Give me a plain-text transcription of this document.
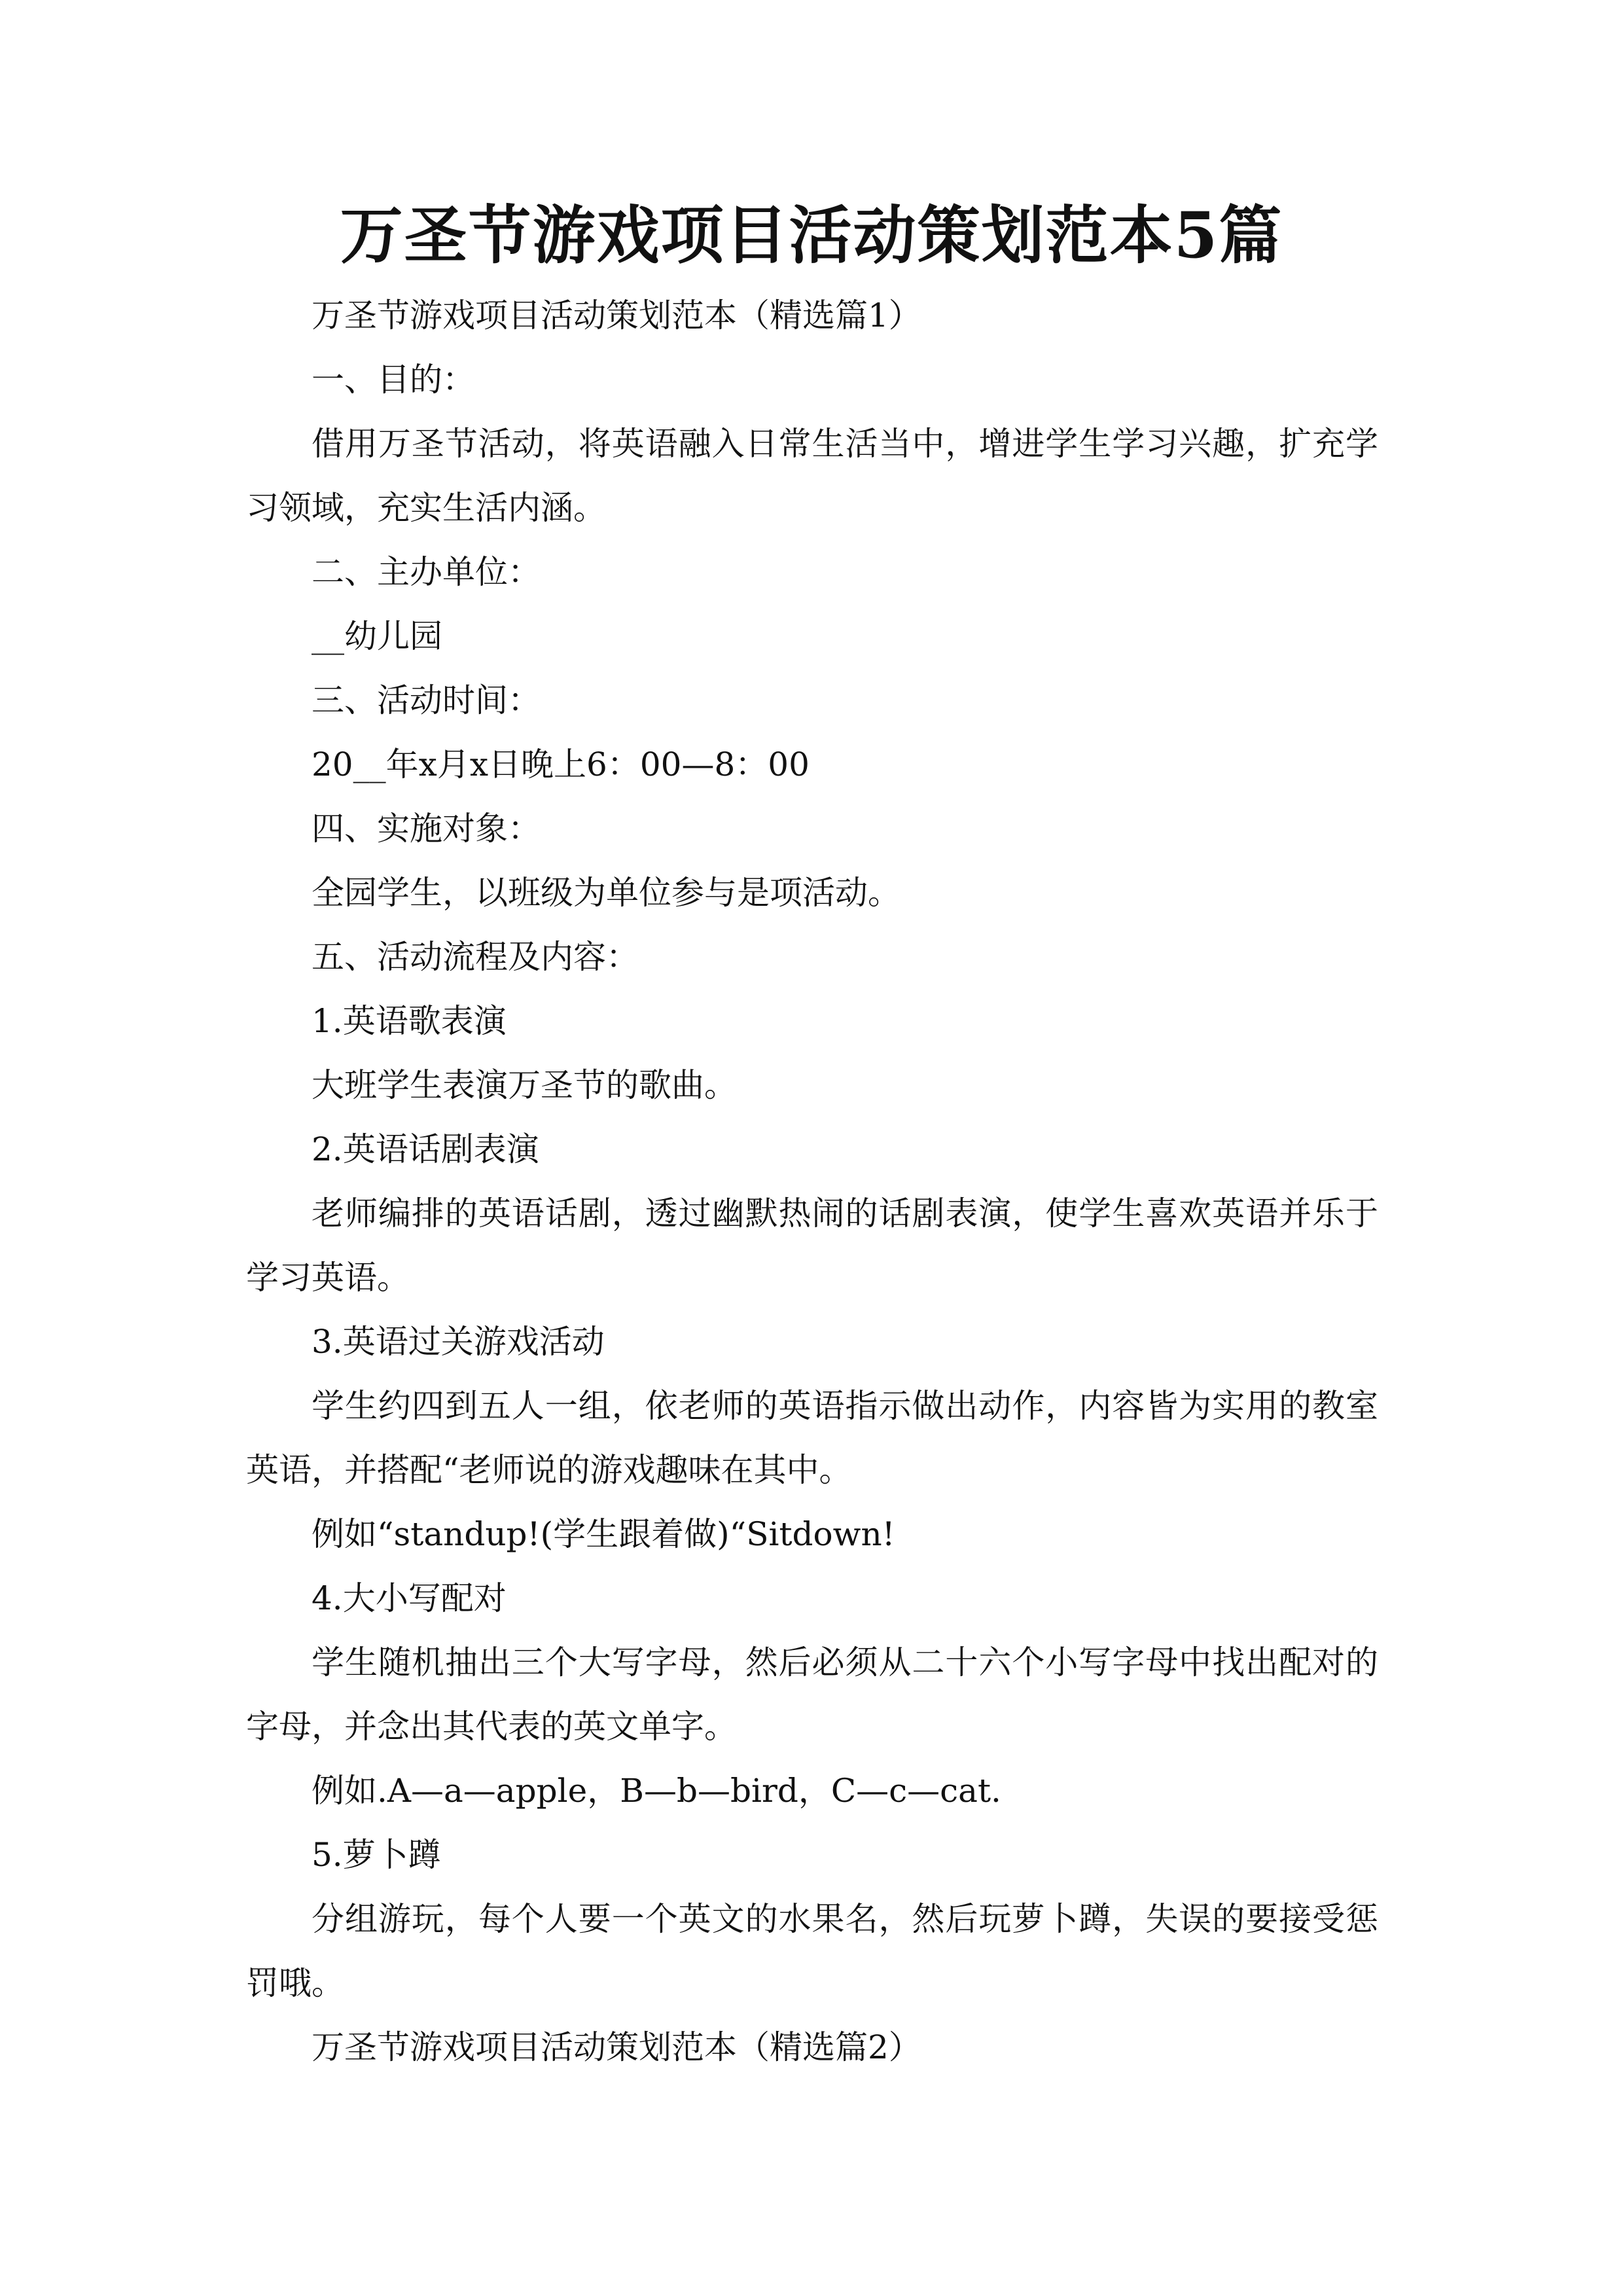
万圣节游戏项目活动策划范本5篇

万圣节游戏项目活动策划范本（精选篇1）

一、目的：

借用万圣节活动，将英语融入日常生活当中，增进学生学习兴趣，扩充学习领域，充实生活内涵。

二、主办单位：

__幼儿园

三、活动时间：

20__年x月x日晚上6：00—8：00

四、实施对象：

全园学生，以班级为单位参与是项活动。

五、活动流程及内容：

1.英语歌表演

大班学生表演万圣节的歌曲。

2.英语话剧表演

老师编排的英语话剧，透过幽默热闹的话剧表演，使学生喜欢英语并乐于学习英语。

3.英语过关游戏活动

学生约四到五人一组，依老师的英语指示做出动作，内容皆为实用的教室英语，并搭配“老师说的游戏趣味在其中。

例如“standup!(学生跟着做)“Sitdown!

4.大小写配对

学生随机抽出三个大写字母，然后必须从二十六个小写字母中找出配对的字母，并念出其代表的英文单字。

例如.A—a—apple，B—b—bird，C—c—cat.

5.萝卜蹲

分组游玩，每个人要一个英文的水果名，然后玩萝卜蹲，失误的要接受惩罚哦。

万圣节游戏项目活动策划范本（精选篇2）
